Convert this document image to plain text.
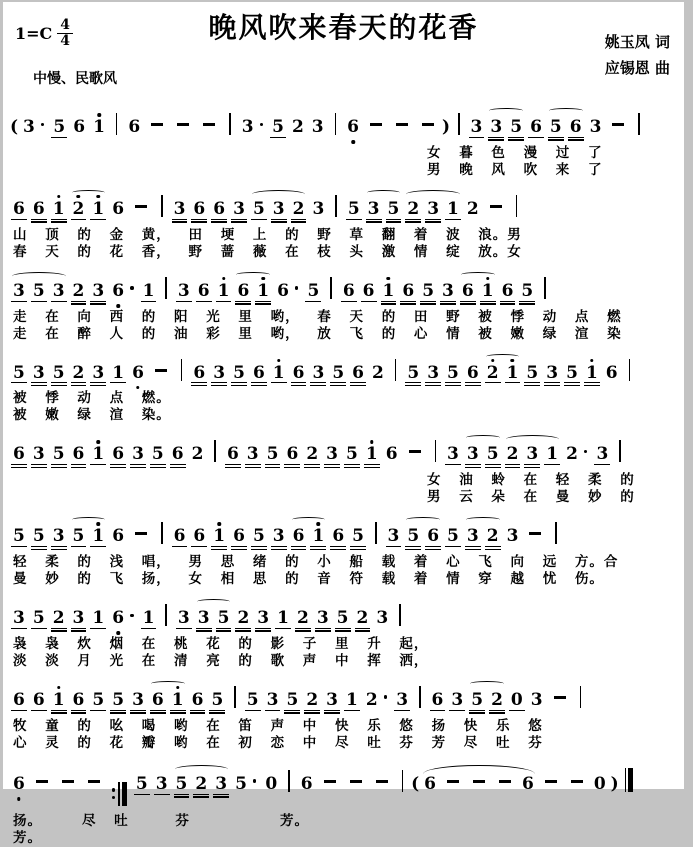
1=C 4
4	晚风吹来春天的花香	姚玉凤 词
应锡恩 曲
中慢、民歌风
( 3 5 6 1 6	3 5 2 3 6	) 3 3 5 6 5 6 3
女 暮 色 漫 过 了
男 晚 风 吹 来 了
6 6 1 2 1 6	3 6 6 3 5 3 2 3 5 3 5 2 3 1 2
山 顶 的 金 黄， 田 埂 上 的 野 草 翻 着 波 浪。男
春 天 的 花 香， 野 蔷 薇 在 枝 头 激 情 绽 放。女
3 5 3 2 3 6 1 3 6 1 6 1 6 5 6 6 1 6 5 3 6 1 6 5
走 在 向 西 的 阳 光 里 哟， 春 天 的 田 野 被 悸 动 点 燃
走 在 醉 人 的 油 彩 里 哟， 放 飞 的 心 情 被 嫩 绿 渲 染
5 3 5 2 3 1 6	6 3 5 6 1 6 3 5 6 2 5 3 5 6 2 1 5 3 5 1 6
被 悸 动 点 燃。
被 嫩 绿 渲 染。
6 3 5 6 1 6 3 5 6 2 6 3 5 6 2 3 5 1 6	3 3 5 2 3 1 2 3
女 油 蛉 在 轻 柔 的
男 云 朵 在 曼 妙 的
5 5 3 5 1 6	6 6 1 6 5 3 6 1 6 5 3 5 6 5 3 2 3
轻 柔 的 浅 唱， 男 思 绪 的 小 船 载 着 心 飞 向 远 方。合
曼 妙 的 飞 扬， 女 相 思 的 音 符 载 着 情 穿 越 忧 伤。
3 5 2 3 1 6 1 3 3 5 2 3 1 2 3 5 2 3
袅 袅 炊 烟 在 桃 花 的 影 子 里 升 起，
淡 淡 月 光 在 清 亮 的 歌 声 中 挥 洒，
6 6 1 6 5 5 3 6 1 6 5 5 3 5 2 3 1 2 3 6 3 5 2 0 3
牧 童 的 吆 喝 哟 在 笛 声 中 快 乐 悠 扬 快 乐 悠
心 灵 的 花 瓣 哟 在 初 恋 中 尽 吐 芬 芳 尽 吐 芬
6	5 3 5 2 3 5 0 6	( 6	6	0 )
扬。　　 尽 吐　　 芬　　　　　 芳。
芳。
